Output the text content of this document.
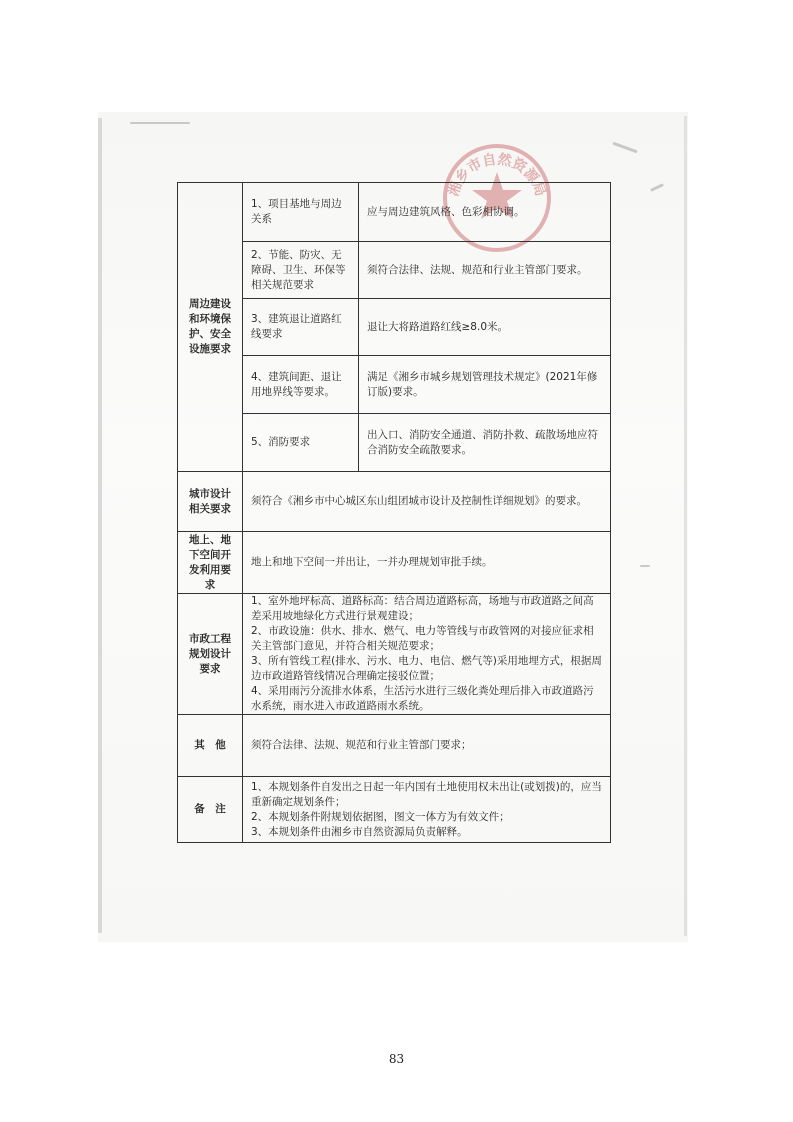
湘乡市自然资源局
周边建设和环境保护、安全设施要求	1、项目基地与周边关系	应与周边建筑风格、色彩相协调。
	2、节能、防灾、无障碍、卫生、环保等相关规范要求	须符合法律、法规、规范和行业主管部门要求。
	3、建筑退让道路红线要求	退让大将路道路红线≥8.0米。
	4、建筑间距、退让用地界线等要求。	满足《湘乡市城乡规划管理技术规定》(2021年修订版)要求。
	5、消防要求	出入口、消防安全通道、消防扑救、疏散场地应符合消防安全疏散要求。
城市设计相关要求	须符合《湘乡市中心城区东山组团城市设计及控制性详细规划》的要求。	
地上、地下空间开发利用要求	地上和地下空间一并出让，一并办理规划审批手续。	
市政工程规划设计要求	1、室外地坪标高、道路标高：结合周边道路标高，场地与市政道路之间高差采用坡地绿化方式进行景观建设；
2、市政设施：供水、排水、燃气、电力等管线与市政管网的对接应征求相关主管部门意见，并符合相关规范要求；
3、所有管线工程(排水、污水、电力、电信、燃气等)采用地埋方式，根据周边市政道路管线情况合理确定接驳位置；
4、采用雨污分流排水体系，生活污水进行三级化粪处理后排入市政道路污水系统，雨水进入市政道路雨水系统。	

其　他	须符合法律、法规、规范和行业主管部门要求；	
备　注	1、本规划条件自发出之日起一年内国有土地使用权未出让(或划拨)的，应当重新确定规划条件；
2、本规划条件附规划依据图，图文一体方为有效文件；
3、本规划条件由湘乡市自然资源局负责解释。	
83
